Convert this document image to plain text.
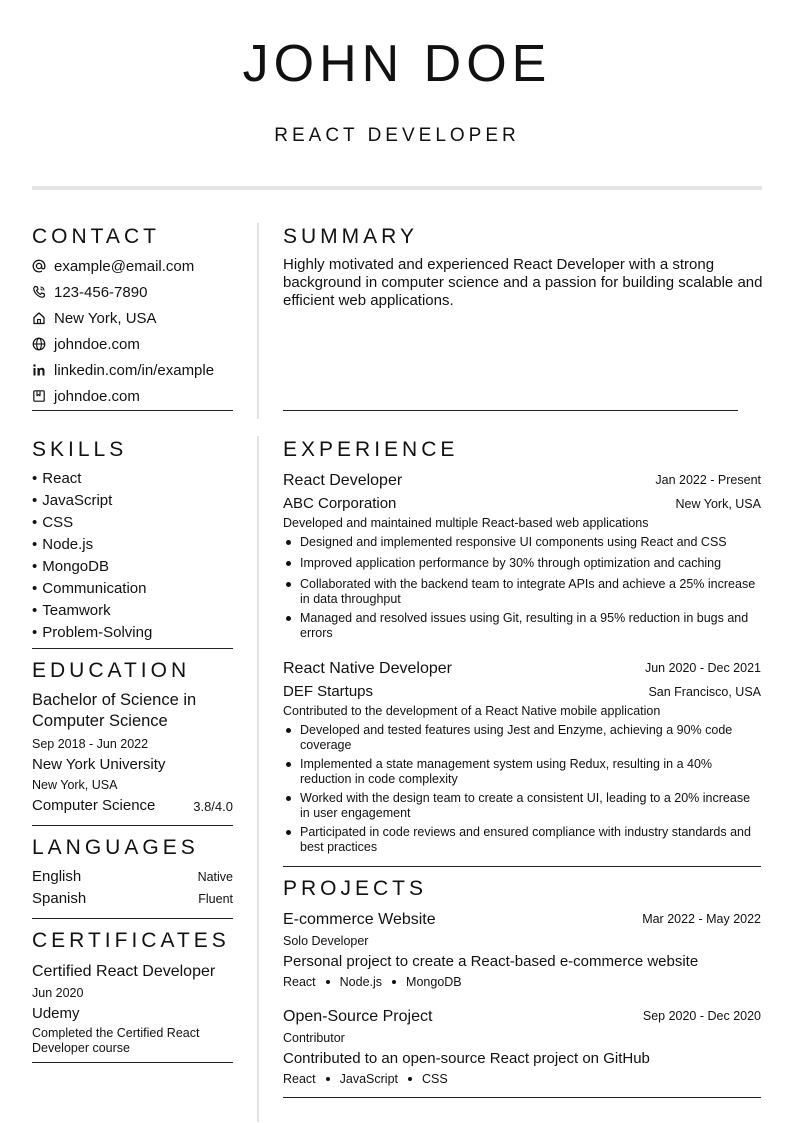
JOHN DOE
REACT DEVELOPER
CONTACT
example@email.com
123-456-7890
New York, USA
johndoe.com
linkedin.com/in/example
johndoe.com
SUMMARY
Highly motivated and experienced React Developer with a strong background in computer science and a passion for building scalable and efficient web applications.
SKILLS
• React
• JavaScript
• CSS
• Node.js
• MongoDB
• Communication
• Teamwork
• Problem-Solving
EDUCATION
Bachelor of Science in Computer Science
Sep 2018 - Jun 2022
New York University
New York, USA
Computer Science	3.8/4.0
LANGUAGES
English	Native
Spanish	Fluent
CERTIFICATES
Certified React Developer
Jun 2020
Udemy
Completed the Certified React Developer course
EXPERIENCE
React Developer	Jan 2022 - Present
ABC Corporation	New York, USA
Developed and maintained multiple React-based web applications
Designed and implemented responsive UI components using React and CSS
Improved application performance by 30% through optimization and caching
Collaborated with the backend team to integrate APIs and achieve a 25% increase in data throughput
Managed and resolved issues using Git, resulting in a 95% reduction in bugs and errors
React Native Developer	Jun 2020 - Dec 2021
DEF Startups	San Francisco, USA
Contributed to the development of a React Native mobile application
Developed and tested features using Jest and Enzyme, achieving a 90% code coverage
Implemented a state management system using Redux, resulting in a 40% reduction in code complexity
Worked with the design team to create a consistent UI, leading to a 20% increase in user engagement
Participated in code reviews and ensured compliance with industry standards and best practices
PROJECTS
E-commerce Website	Mar 2022 - May 2022
Solo Developer
Personal project to create a React-based e-commerce website
React Node.js MongoDB
Open-Source Project	Sep 2020 - Dec 2020
Contributor
Contributed to an open-source React project on GitHub
React JavaScript CSS
